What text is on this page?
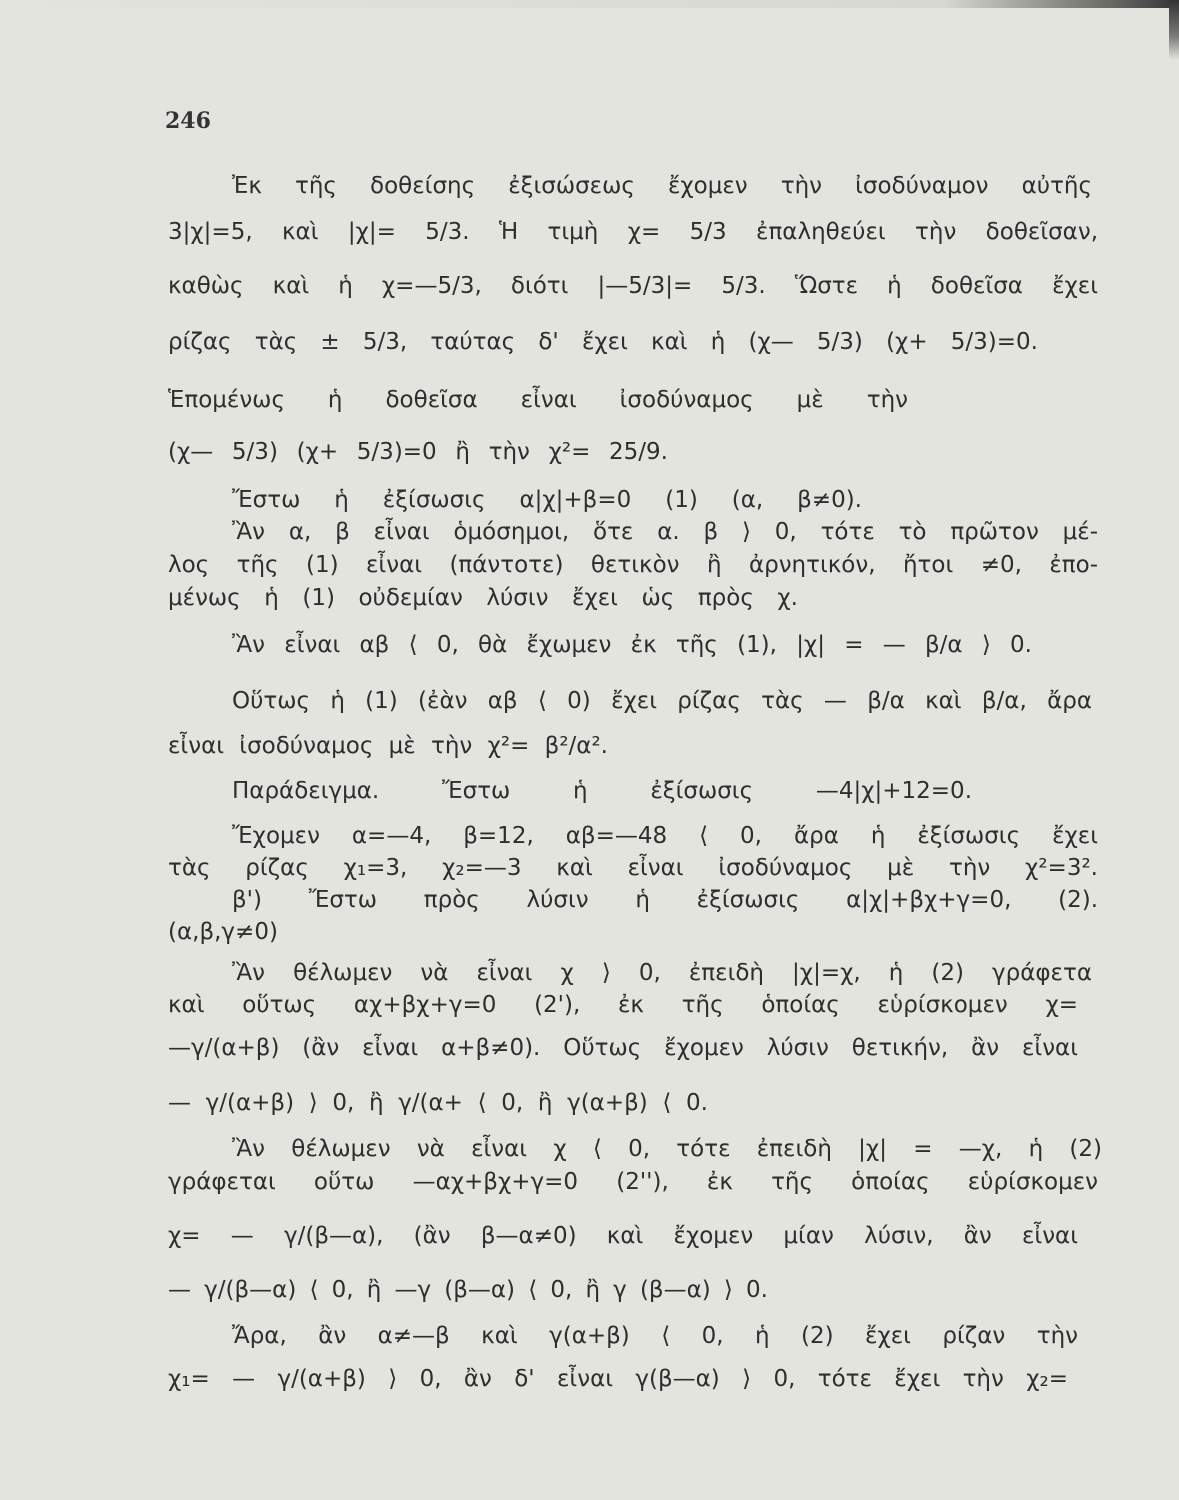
246
Ἐκ τῆς δοθείσης ἐξισώσεως ἔχομεν τὴν ἰσοδύναμον αὐτῆς
3|χ|=5, καὶ |χ|= 5/3. Ἡ τιμὴ χ= 5/3 ἐπαληθεύει τὴν δοθεῖσαν,
καθὼς καὶ ἡ χ=—5/3, διότι |—5/3|= 5/3. Ὥστε ἡ δοθεῖσα ἔχει
ρίζας τὰς ± 5/3, ταύτας δ' ἔχει καὶ ἡ (χ— 5/3) (χ+ 5/3)=0.
Ἑπομένως ἡ δοθεῖσα εἶναι ἰσοδύναμος μὲ τὴν
(χ— 5/3) (χ+ 5/3)=0 ἢ τὴν χ²= 25/9.
Ἔστω ἡ ἐξίσωσις α|χ|+β=0 (1) (α, β≠0).
Ἂν α, β εἶναι ὁμόσημοι, ὅτε α. β ⟩ 0, τότε τὸ πρῶτον μέ-
λος τῆς (1) εἶναι (πάντοτε) θετικὸν ἢ ἀρνητικόν, ἤτοι ≠0, ἐπο-
μένως ἡ (1) οὐδεμίαν λύσιν ἔχει ὡς πρὸς χ.
Ἂν εἶναι αβ ⟨ 0, θὰ ἔχωμεν ἐκ τῆς (1), |χ| = — β/α ⟩ 0.
Οὕτως ἡ (1) (ἐὰν αβ ⟨ 0) ἔχει ρίζας τὰς — β/α καὶ β/α, ἄρα
εἶναι ἰσοδύναμος μὲ τὴν χ²= β²/α².
Παράδειγμα.	Ἔστω	ἡ	ἐξίσωσις	—4|χ|+12=0.
Ἔχομεν α=—4, β=12, αβ=—48 ⟨ 0, ἄρα ἡ ἐξίσωσις ἔχει
τὰς ρίζας χ₁=3, χ₂=—3 καὶ εἶναι ἰσοδύναμος μὲ τὴν χ²=3².
β') Ἔστω πρὸς λύσιν ἡ ἐξίσωσις α|χ|+βχ+γ=0, (2).
(α,β,γ≠0)
Ἂν θέλωμεν νὰ εἶναι χ ⟩ 0, ἐπειδὴ |χ|=χ, ἡ (2) γράφετα
καὶ οὕτως αχ+βχ+γ=0 (2'), ἐκ τῆς ὁποίας εὑρίσκομεν χ=
—γ/(α+β) (ἂν εἶναι α+β≠0). Οὕτως ἔχομεν λύσιν θετικήν, ἂν εἶναι
— γ/(α+β) ⟩ 0, ἢ γ/(α+ ⟨ 0, ἢ γ(α+β) ⟨ 0.
Ἂν θέλωμεν νὰ εἶναι χ ⟨ 0, τότε ἐπειδὴ |χ| = —χ, ἡ (2)
γράφεται οὕτω —αχ+βχ+γ=0 (2''), ἐκ τῆς ὁποίας εὑρίσκομεν
χ= — γ/(β—α), (ἂν β—α≠0) καὶ ἔχομεν μίαν λύσιν, ἂν εἶναι
— γ/(β—α) ⟨ 0, ἢ —γ (β—α) ⟨ 0, ἢ γ (β—α) ⟩ 0.
Ἄρα, ἂν α≠—β καὶ γ(α+β) ⟨ 0, ἡ (2) ἔχει ρίζαν τὴν
χ₁= — γ/(α+β) ⟩ 0, ἂν δ' εἶναι γ(β—α) ⟩ 0, τότε ἔχει τὴν χ₂=
